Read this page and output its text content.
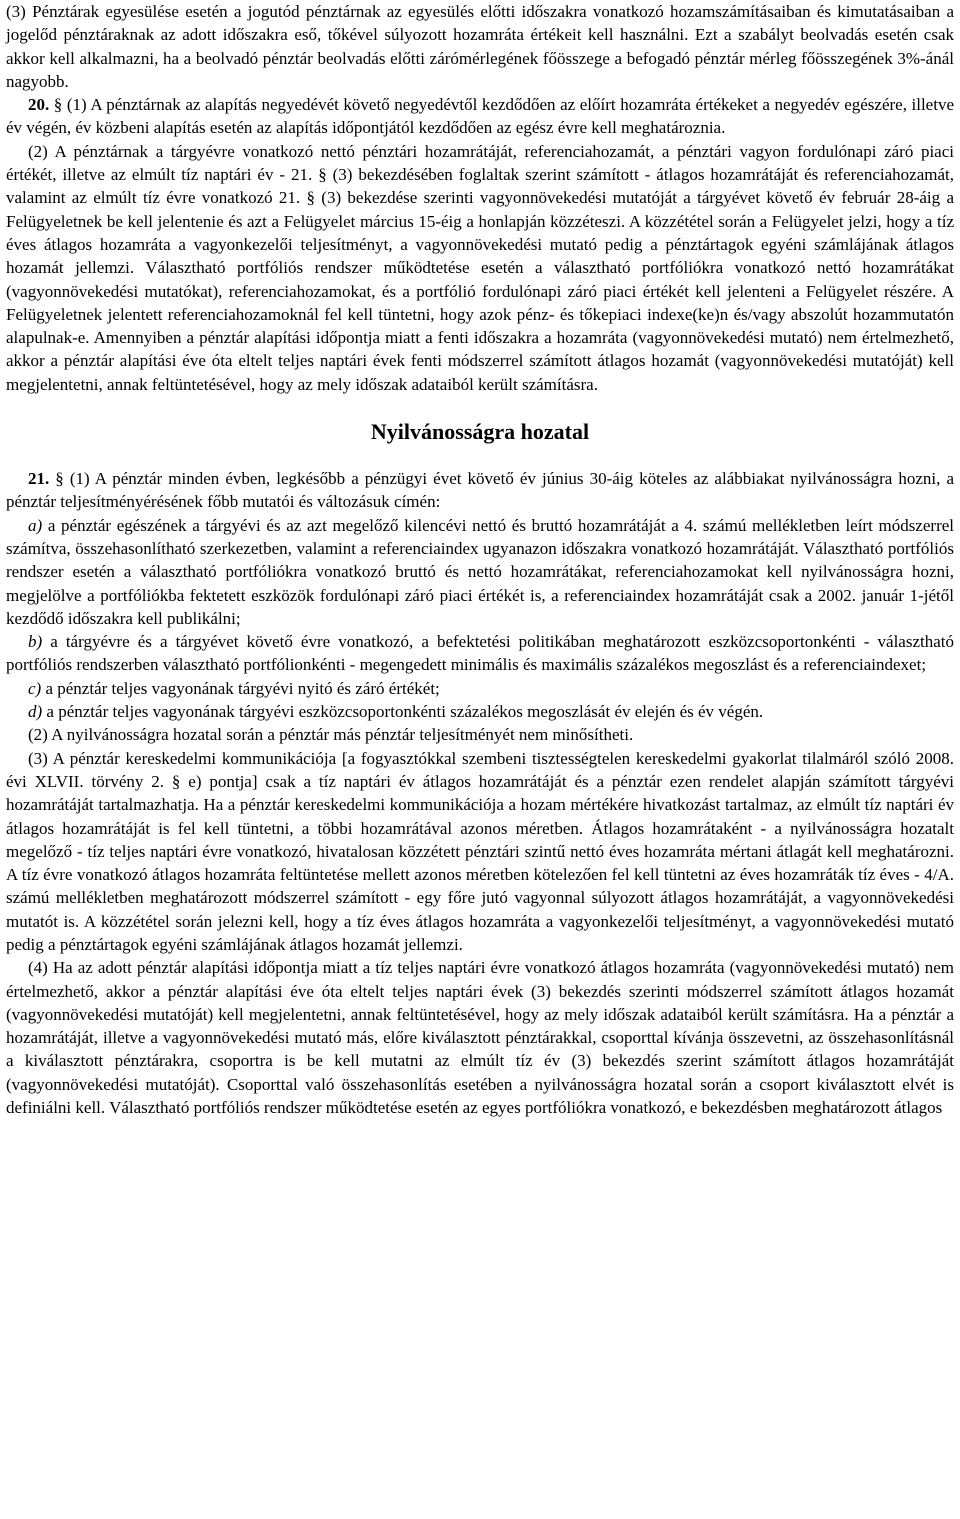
(3) Pénztárak egyesülése esetén a jogutód pénztárnak az egyesülés előtti időszakra vonatkozó hozamszámításaiban és kimutatásaiban a jogelőd pénztáraknak az adott időszakra eső, tőkével súlyozott hozamráta értékeit kell használni. Ezt a szabályt beolvadás esetén csak akkor kell alkalmazni, ha a beolvadó pénztár beolvadás előtti zárómérlegének főösszege a befogadó pénztár mérleg főösszegének 3%-ánál nagyobb.

20. § (1) A pénztárnak az alapítás negyedévét követő negyedévtől kezdődően az előírt hozamráta értékeket a negyedév egészére, illetve év végén, év közbeni alapítás esetén az alapítás időpontjától kezdődően az egész évre kell meghatároznia.

(2) A pénztárnak a tárgyévre vonatkozó nettó pénztári hozamrátáját, referenciahozamát, a pénztári vagyon fordulónapi záró piaci értékét, illetve az elmúlt tíz naptári év - 21. § (3) bekezdésében foglaltak szerint számított - átlagos hozamrátáját és referenciahozamát, valamint az elmúlt tíz évre vonatkozó 21. § (3) bekezdése szerinti vagyonnövekedési mutatóját a tárgyévet követő év február 28-áig a Felügyeletnek be kell jelentenie és azt a Felügyelet március 15-éig a honlapján közzéteszi. A közzététel során a Felügyelet jelzi, hogy a tíz éves átlagos hozamráta a vagyonkezelői teljesítményt, a vagyonnövekedési mutató pedig a pénztártagok egyéni számlájának átlagos hozamát jellemzi. Választható portfóliós rendszer működtetése esetén a választható portfóliókra vonatkozó nettó hozamrátákat (vagyonnövekedési mutatókat), referenciahozamokat, és a portfólió fordulónapi záró piaci értékét kell jelenteni a Felügyelet részére. A Felügyeletnek jelentett referenciahozamoknál fel kell tüntetni, hogy azok pénz- és tőkepiaci indexe(ke)n és/vagy abszolút hozammutatón alapulnak-e. Amennyiben a pénztár alapítási időpontja miatt a fenti időszakra a hozamráta (vagyonnövekedési mutató) nem értelmezhető, akkor a pénztár alapítási éve óta eltelt teljes naptári évek fenti módszerrel számított átlagos hozamát (vagyonnövekedési mutatóját) kell megjelentetni, annak feltüntetésével, hogy az mely időszak adataiból került számításra.

Nyilvánosságra hozatal

21. § (1) A pénztár minden évben, legkésőbb a pénzügyi évet követő év június 30-áig köteles az alábbiakat nyilvánosságra hozni, a pénztár teljesítményérésének főbb mutatói és változásuk címén:

a) a pénztár egészének a tárgyévi és az azt megelőző kilencévi nettó és bruttó hozamrátáját a 4. számú mellékletben leírt módszerrel számítva, összehasonlítható szerkezetben, valamint a referenciaindex ugyanazon időszakra vonatkozó hozamrátáját. Választható portfóliós rendszer esetén a választható portfóliókra vonatkozó bruttó és nettó hozamrátákat, referenciahozamokat kell nyilvánosságra hozni, megjelölve a portfóliókba fektetett eszközök fordulónapi záró piaci értékét is, a referenciaindex hozamrátáját csak a 2002. január 1-jétől kezdődő időszakra kell publikálni;

b) a tárgyévre és a tárgyévet követő évre vonatkozó, a befektetési politikában meghatározott eszközcsoportonkénti - választható portfóliós rendszerben választható portfólionkénti - megengedett minimális és maximális százalékos megoszlást és a referenciaindexet;

c) a pénztár teljes vagyonának tárgyévi nyitó és záró értékét;

d) a pénztár teljes vagyonának tárgyévi eszközcsoportonkénti százalékos megoszlását év elején és év végén.

(2) A nyilvánosságra hozatal során a pénztár más pénztár teljesítményét nem minősítheti.

(3) A pénztár kereskedelmi kommunikációja [a fogyasztókkal szembeni tisztességtelen kereskedelmi gyakorlat tilalmáról szóló 2008. évi XLVII. törvény 2. § e) pontja] csak a tíz naptári év átlagos hozamrátáját és a pénztár ezen rendelet alapján számított tárgyévi hozamrátáját tartalmazhatja. Ha a pénztár kereskedelmi kommunikációja a hozam mértékére hivatkozást tartalmaz, az elmúlt tíz naptári év átlagos hozamrátáját is fel kell tüntetni, a többi hozamrátával azonos méretben. Átlagos hozamrátaként - a nyilvánosságra hozatalt megelőző - tíz teljes naptári évre vonatkozó, hivatalosan közzétett pénztári szintű nettó éves hozamráta mértani átlagát kell meghatározni. A tíz évre vonatkozó átlagos hozamráta feltüntetése mellett azonos méretben kötelezően fel kell tüntetni az éves hozamráták tíz éves - 4/A. számú mellékletben meghatározott módszerrel számított - egy főre jutó vagyonnal súlyozott átlagos hozamrátáját, a vagyonnövekedési mutatót is. A közzététel során jelezni kell, hogy a tíz éves átlagos hozamráta a vagyonkezelői teljesítményt, a vagyonnövekedési mutató pedig a pénztártagok egyéni számlájának átlagos hozamát jellemzi.

(4) Ha az adott pénztár alapítási időpontja miatt a tíz teljes naptári évre vonatkozó átlagos hozamráta (vagyonnövekedési mutató) nem értelmezhető, akkor a pénztár alapítási éve óta eltelt teljes naptári évek (3) bekezdés szerinti módszerrel számított átlagos hozamát (vagyonnövekedési mutatóját) kell megjelentetni, annak feltüntetésével, hogy az mely időszak adataiból került számításra. Ha a pénztár a hozamrátáját, illetve a vagyonnövekedési mutató más, előre kiválasztott pénztárakkal, csoporttal kívánja összevetni, az összehasonlításnál a kiválasztott pénztárakra, csoportra is be kell mutatni az elmúlt tíz év (3) bekezdés szerint számított átlagos hozamrátáját (vagyonnövekedési mutatóját). Csoporttal való összehasonlítás esetében a nyilvánosságra hozatal során a csoport kiválasztott elvét is definiálni kell. Választható portfóliós rendszer működtetése esetén az egyes portfóliókra vonatkozó, e bekezdésben meghatározott átlagos
